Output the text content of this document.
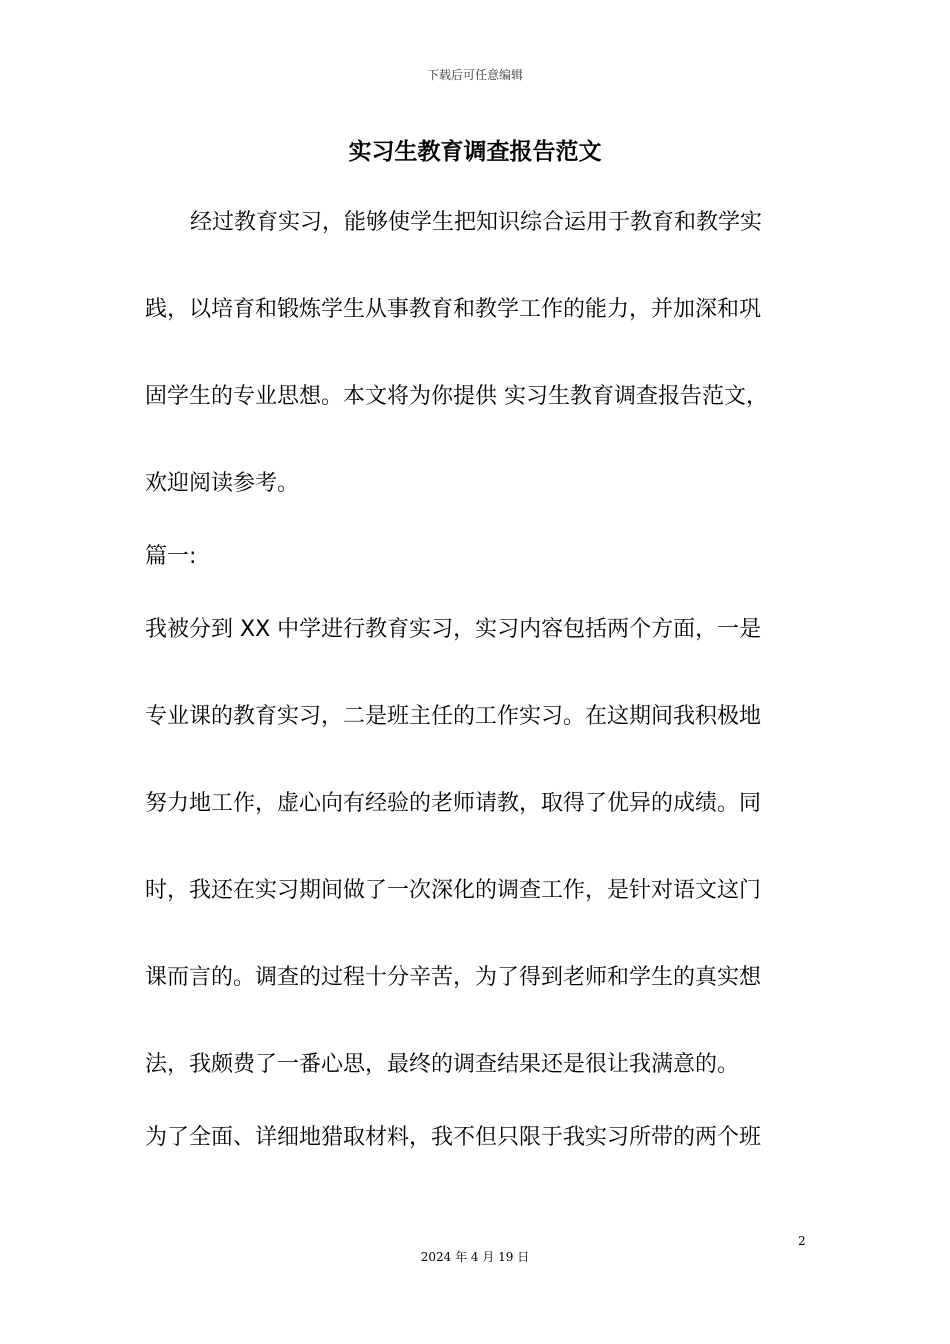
下载后可任意编辑
实习生教育调查报告范文
经过教育实习，能够使学生把知识综合运用于教育和教学实
践，以培育和锻炼学生从事教育和教学工作的能力，并加深和巩
固学生的专业思想。本文将为你提供 实习生教育调查报告范文，
欢迎阅读参考。
篇一:
我被分到 XX 中学进行教育实习，实习内容包括两个方面，一是
专业课的教育实习，二是班主任的工作实习。在这期间我积极地
努力地工作，虚心向有经验的老师请教，取得了优异的成绩。同
时，我还在实习期间做了一次深化的调查工作，是针对语文这门
课而言的。调查的过程十分辛苦，为了得到老师和学生的真实想
法，我颇费了一番心思，最终的调查结果还是很让我满意的。
为了全面、详细地猎取材料，我不但只限于我实习所带的两个班
2
2024 年 4 月 19 日
